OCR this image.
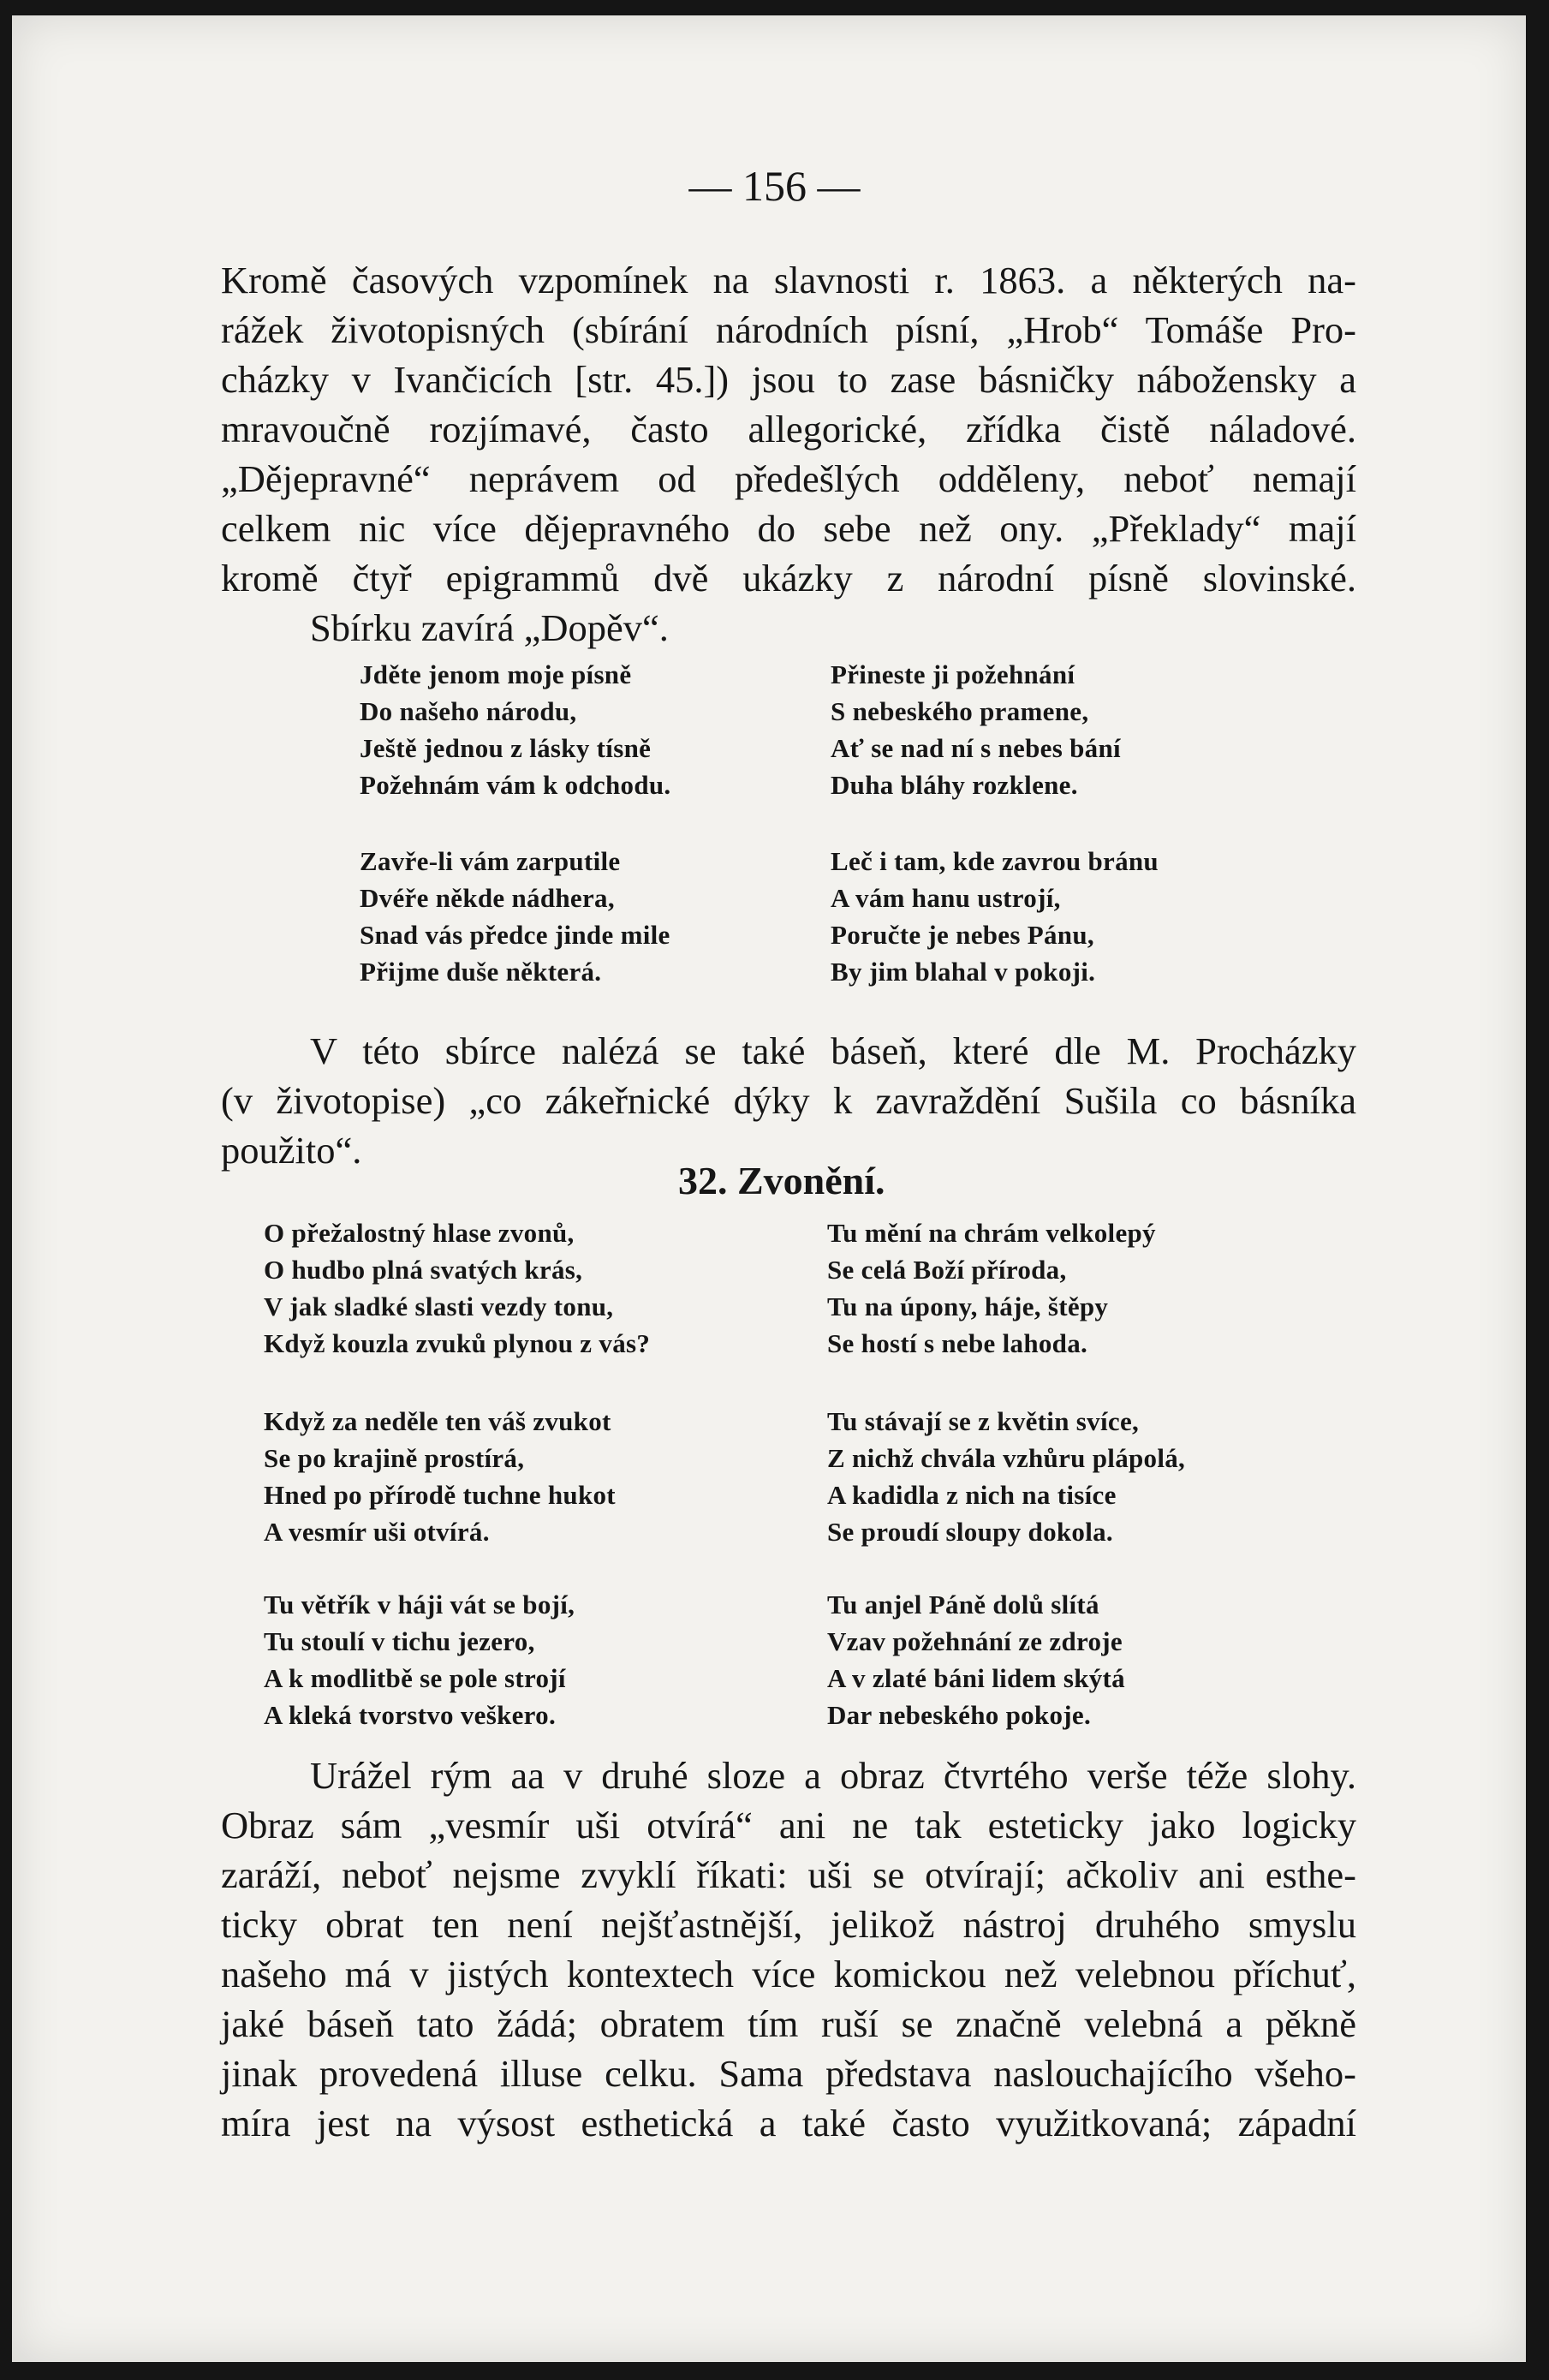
— 156 —
Kromě časových vzpomínek na slavnosti r. 1863. a některých na-
rážek životopisných (sbírání národních písní, „Hrob“ Tomáše Pro-
cházky v Ivančicích [str. 45.]) jsou to zase básničky nábožensky a
mravoučně rozjímavé, často allegorické, zřídka čistě náladové.
„Dějepravné“ neprávem od předešlých odděleny, neboť nemají
celkem nic více dějepravného do sebe než ony. „Překlady“ mají
kromě čtyř epigrammů dvě ukázky z národní písně slovinské.
Sbírku zavírá „Dopěv“.
Jděte jenom moje písně
Do našeho národu,
Ještě jednou z lásky tísně
Požehnám vám k odchodu.
Přineste ji požehnání
S nebeského pramene,
Ať se nad ní s nebes bání
Duha bláhy rozklene.
Zavře-li vám zarputile
Dvéře někde nádhera,
Snad vás předce jinde mile
Přijme duše některá.
Leč i tam, kde zavrou bránu
A vám hanu ustrojí,
Poručte je nebes Pánu,
By jim blahal v pokoji.
V této sbírce nalézá se také báseň, které dle M. Procházky
(v životopise) „co zákeřnické dýky k zavraždění Sušila co básníka
použito“.
32. Zvonění.
O přežalostný hlase zvonů,
O hudbo plná svatých krás,
V jak sladké slasti vezdy tonu,
Když kouzla zvuků plynou z vás?
Tu mění na chrám velkolepý
Se celá Boží příroda,
Tu na úpony, háje, štěpy
Se hostí s nebe lahoda.
Když za neděle ten váš zvukot
Se po krajině prostírá,
Hned po přírodě tuchne hukot
A vesmír uši otvírá.
Tu stávají se z květin svíce,
Z nichž chvála vzhůru plápolá,
A kadidla z nich na tisíce
Se proudí sloupy dokola.
Tu větřík v háji vát se bojí,
Tu stoulí v tichu jezero,
A k modlitbě se pole strojí
A kleká tvorstvo veškero.
Tu anjel Páně dolů slítá
Vzav požehnání ze zdroje
A v zlaté báni lidem skýtá
Dar nebeského pokoje.
Urážel rým aa v druhé sloze a obraz čtvrtého verše téže slohy.
Obraz sám „vesmír uši otvírá“ ani ne tak esteticky jako logicky
zaráží, neboť nejsme zvyklí říkati: uši se otvírají; ačkoliv ani esthe-
ticky obrat ten není nejšťastnější, jelikož nástroj druhého smyslu
našeho má v jistých kontextech více komickou než velebnou příchuť,
jaké báseň tato žádá; obratem tím ruší se značně velebná a pěkně
jinak provedená illuse celku. Sama představa naslouchajícího všeho-
míra jest na výsost esthetická a také často využitkovaná; západní
